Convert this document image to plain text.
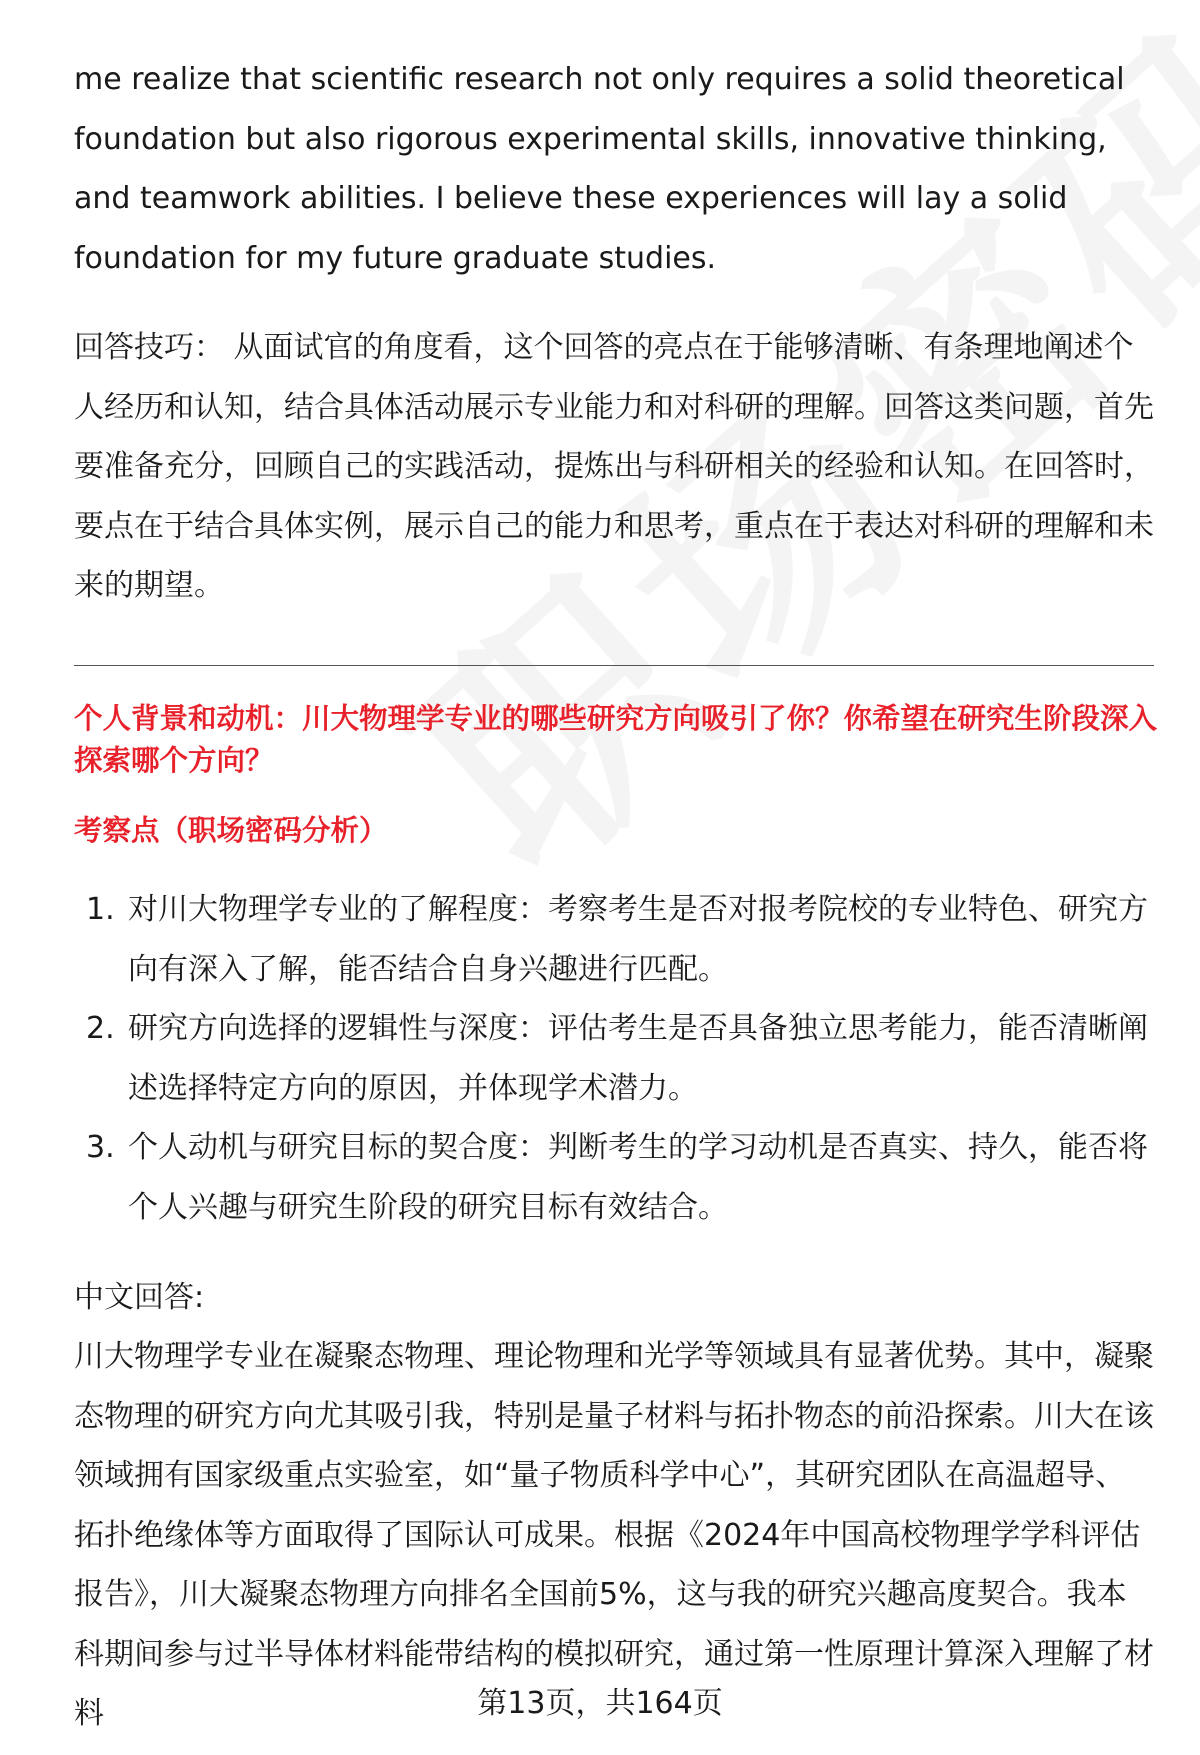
me realize that scientific research not only requires a solid theoretical foundation but also rigorous experimental skills, innovative thinking, and teamwork abilities. I believe these experiences will lay a solid foundation for my future graduate studies.

回答技巧： 从面试官的角度看，这个回答的亮点在于能够清晰、有条理地阐述个人经历和认知，结合具体活动展示专业能力和对科研的理解。回答这类问题，首先要准备充分，回顾自己的实践活动，提炼出与科研相关的经验和认知。在回答时，要点在于结合具体实例，展示自己的能力和思考，重点在于表达对科研的理解和未来的期望。

个人背景和动机：川大物理学专业的哪些研究方向吸引了你？你希望在研究生阶段深入探索哪个方向？
考察点（职场密码分析）
1. 对川大物理学专业的了解程度：考察考生是否对报考院校的专业特色、研究方向有深入了解，能否结合自身兴趣进行匹配。
2. 研究方向选择的逻辑性与深度：评估考生是否具备独立思考能力，能否清晰阐述选择特定方向的原因，并体现学术潜力。
3. 个人动机与研究目标的契合度：判断考生的学习动机是否真实、持久，能否将个人兴趣与研究生阶段的研究目标有效结合。

中文回答:

川大物理学专业在凝聚态物理、理论物理和光学等领域具有显著优势。其中，凝聚态物理的研究方向尤其吸引我，特别是量子材料与拓扑物态的前沿探索。川大在该领域拥有国家级重点实验室，如“量子物质科学中心”，其研究团队在高温超导、拓扑绝缘体等方面取得了国际认可成果。根据《2024年中国高校物理学学科评估报告》，川大凝聚态物理方向排名全国前5%，这与我的研究兴趣高度契合。我本科期间参与过半导体材料能带结构的模拟研究，通过第一性原理计算深入理解了材料	第13页，共164页
